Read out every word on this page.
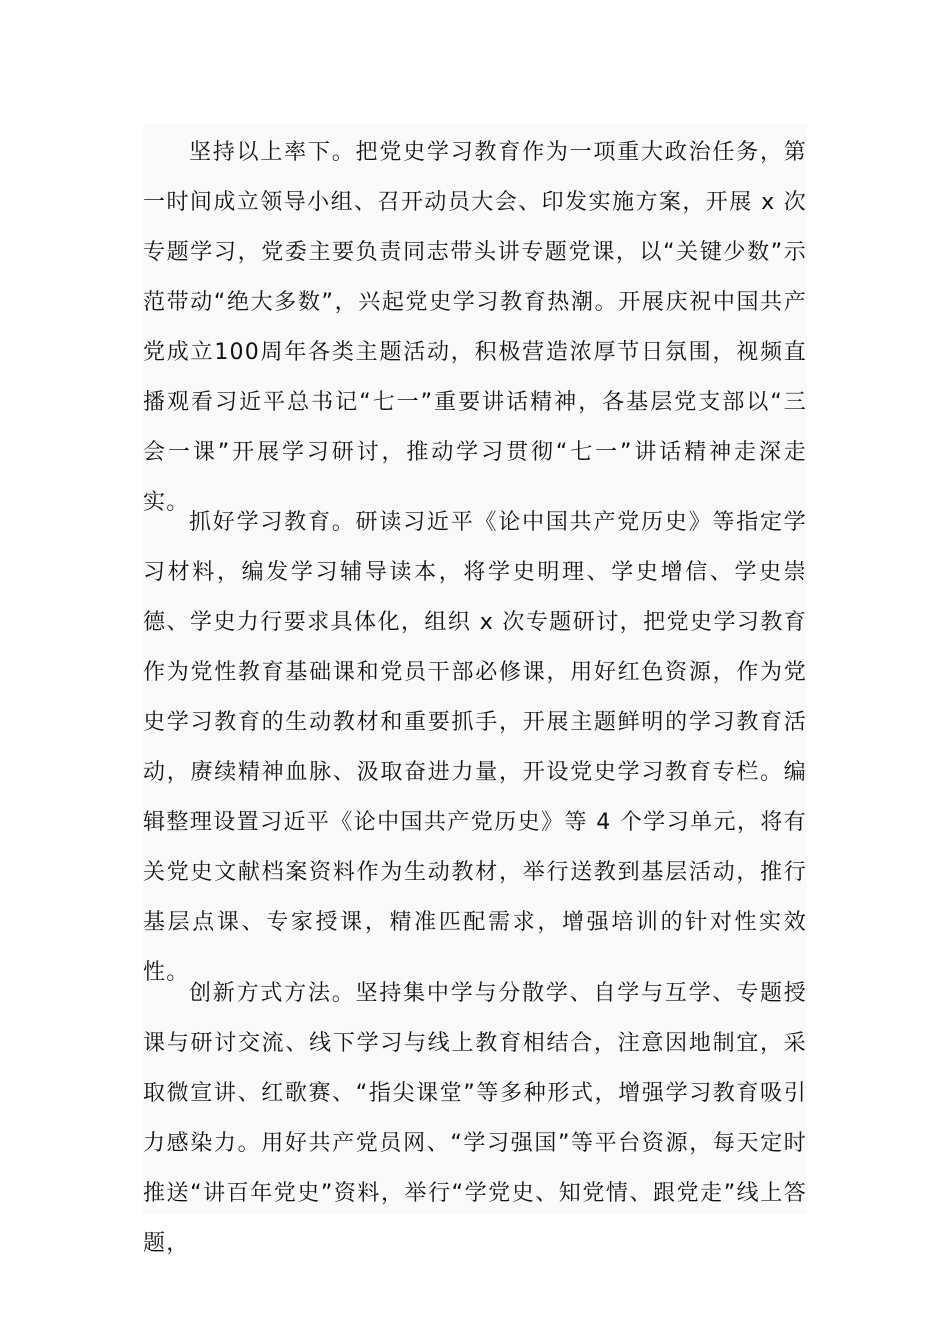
坚持以上率下。把党史学习教育作为一项重大政治任务，第一时间成立领导小组、召开动员大会、印发实施方案，开展 x 次专题学习，党委主要负责同志带头讲专题党课，以“关键少数”示范带动“绝大多数”，兴起党史学习教育热潮。开展庆祝中国共产党成立100周年各类主题活动，积极营造浓厚节日氛围，视频直播观看习近平总书记“七一”重要讲话精神，各基层党支部以“三会一课”开展学习研讨，推动学习贯彻“七一”讲话精神走深走实。

抓好学习教育。研读习近平《论中国共产党历史》等指定学习材料，编发学习辅导读本，将学史明理、学史增信、学史崇德、学史力行要求具体化，组织 x 次专题研讨，把党史学习教育作为党性教育基础课和党员干部必修课，用好红色资源，作为党史学习教育的生动教材和重要抓手，开展主题鲜明的学习教育活动，赓续精神血脉、汲取奋进力量，开设党史学习教育专栏。编辑整理设置习近平《论中国共产党历史》等 4 个学习单元，将有关党史文献档案资料作为生动教材，举行送教到基层活动，推行基层点课、专家授课，精准匹配需求，增强培训的针对性实效性。

创新方式方法。坚持集中学与分散学、自学与互学、专题授课与研讨交流、线下学习与线上教育相结合，注意因地制宜，采取微宣讲、红歌赛、“指尖课堂”等多种形式，增强学习教育吸引力感染力。用好共产党员网、“学习强国”等平台资源，每天定时推送“讲百年党史”资料，举行“学党史、知党情、跟党走”线上答题，
